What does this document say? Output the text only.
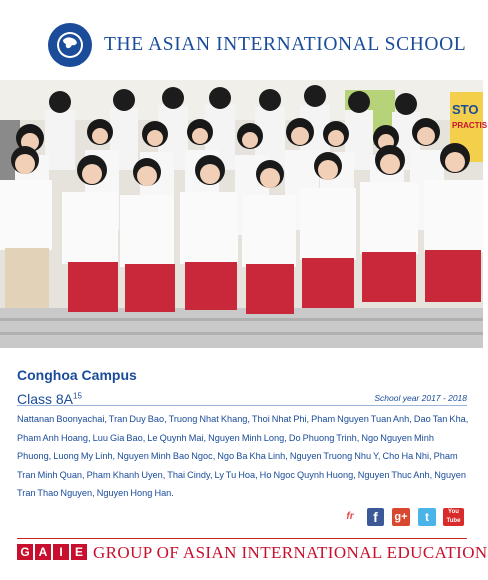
THE ASIAN INTERNATIONAL SCHOOL
STO
PRACTIS
Conghoa Campus
Class $8A^{15}$	School year 2017 - 2018
Nattanan Boonyachai, Tran Duy Bao, Truong Nhat Khang, Thoi Nhat Phi, Pham Nguyen Tuan Anh, Dao Tan Kha, Pham Anh Hoang, Luu Gia Bao, Le Quynh Mai, Nguyen Minh Long, Do Phuong Trinh, Ngo Nguyen Minh Phuong, Luong My Linh, Nguyen Minh Bao Ngoc, Ngo Ba Kha Linh, Nguyen Truong Nhu Y, Cho Ha Nhi, Pham Tran Minh Quan, Pham Khanh Uyen, Thai Cindy, Ly Tu Hoa, Ho Ngoc Quynh Huong, Nguyen Thuc Anh, Nguyen Tran Thao Nguyen, Nguyen Hong Han.
fr	f	g+	t	You
Tube
G A I E GROUP OF ASIAN INTERNATIONAL EDUCATION
